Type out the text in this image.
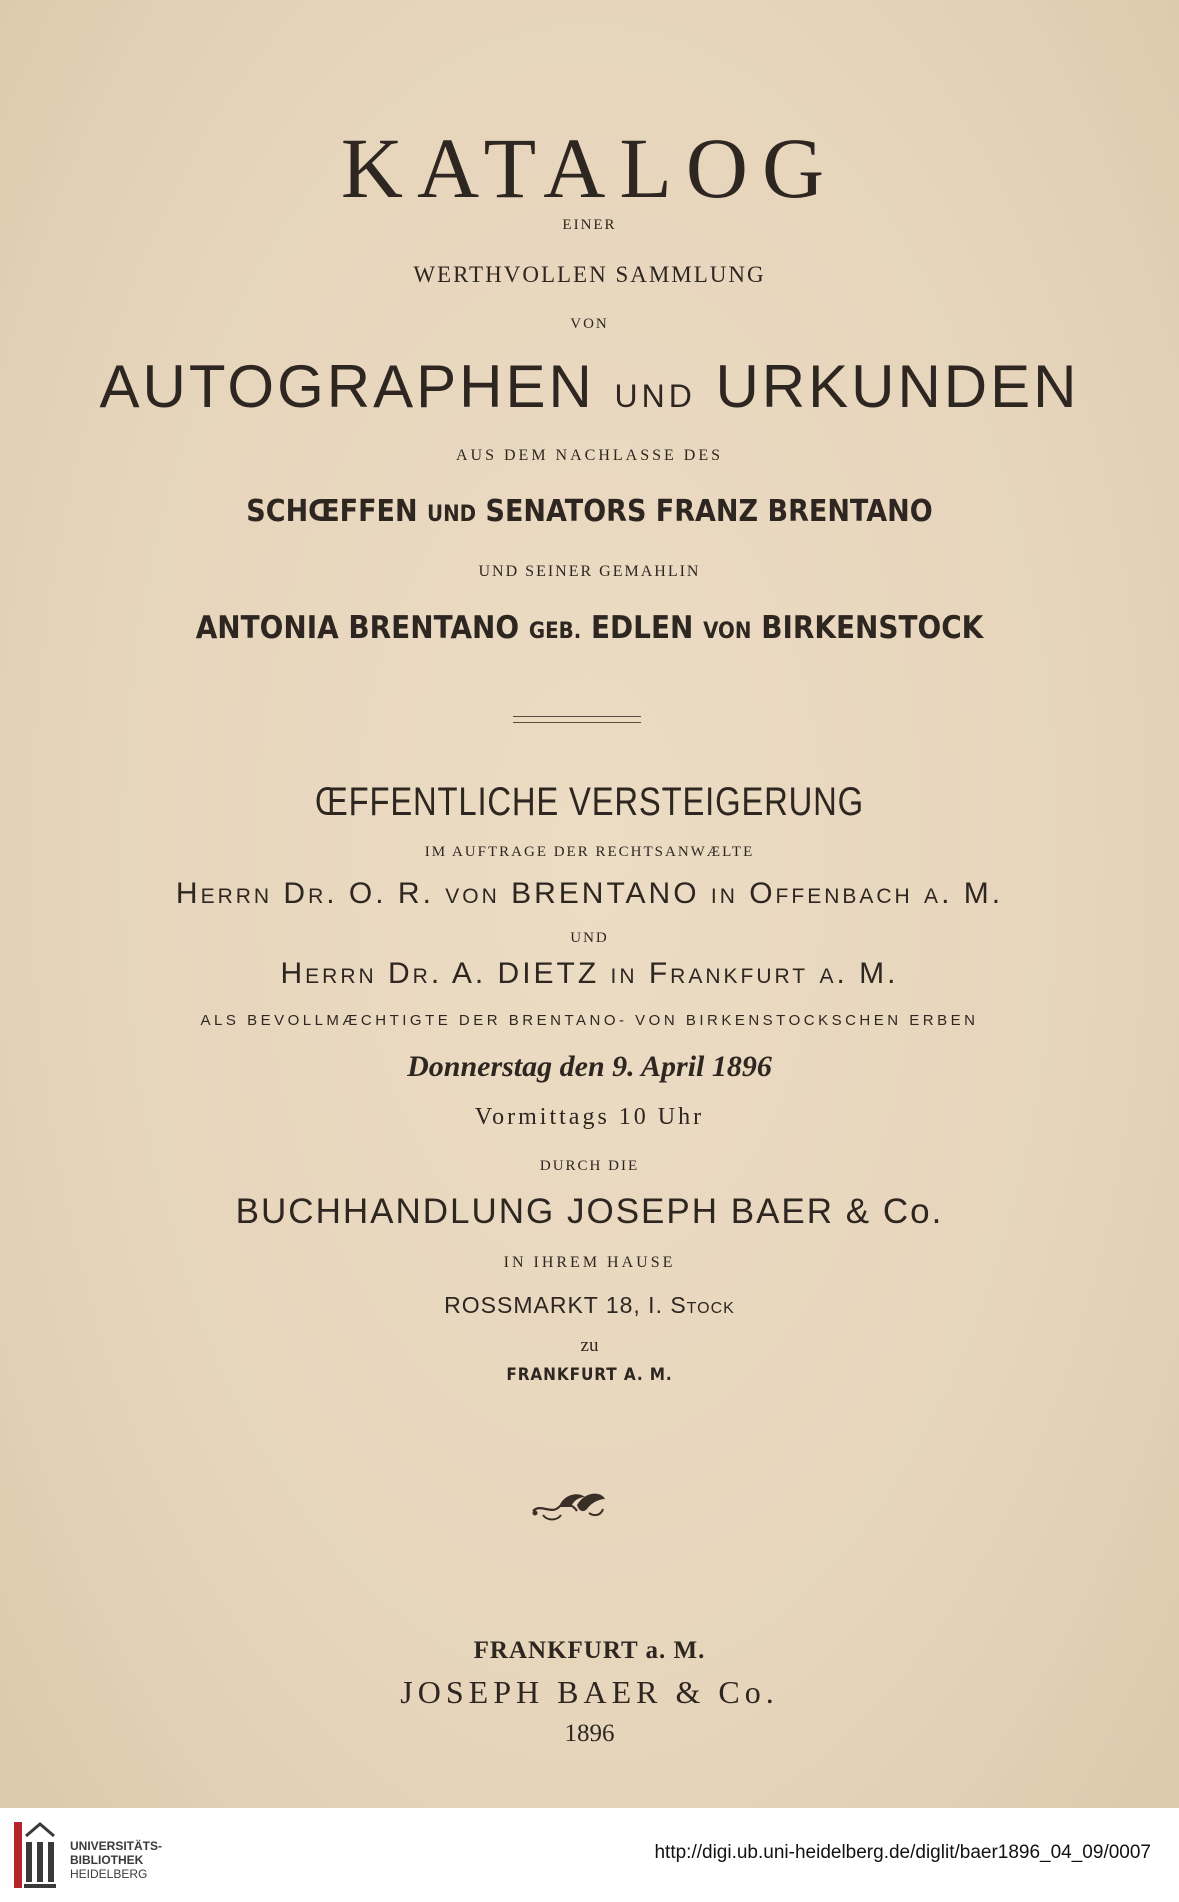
KATALOG
EINER
WERTHVOLLEN SAMMLUNG
VON
AUTOGRAPHEN UND URKUNDEN
AUS DEM NACHLASSE DES
SCHŒFFEN UND SENATORS FRANZ BRENTANO
UND SEINER GEMAHLIN
ANTONIA BRENTANO GEB. EDLEN VON BIRKENSTOCK
ŒFFENTLICHE VERSTEIGERUNG
IM AUFTRAGE DER RECHTSANWÆLTE
Herrn Dr. O. R. von BRENTANO in Offenbach a. M.
UND
Herrn Dr. A. DIETZ in Frankfurt a. M.
ALS BEVOLLMÆCHTIGTE DER BRENTANO- VON BIRKENSTOCKSCHEN ERBEN
Donnerstag den 9. April 1896
Vormittags 10 Uhr
DURCH DIE
BUCHHANDLUNG JOSEPH BAER & Co.
IN IHREM HAUSE
ROSSMARKT 18, I. Stock
zu
FRANKFURT A. M.
FRANKFURT a. M.
JOSEPH BAER & Co.
1896
UNIVERSITÄTS-
BIBLIOTHEK
HEIDELBERG
http://digi.ub.uni-heidelberg.de/diglit/baer1896_04_09/0007
